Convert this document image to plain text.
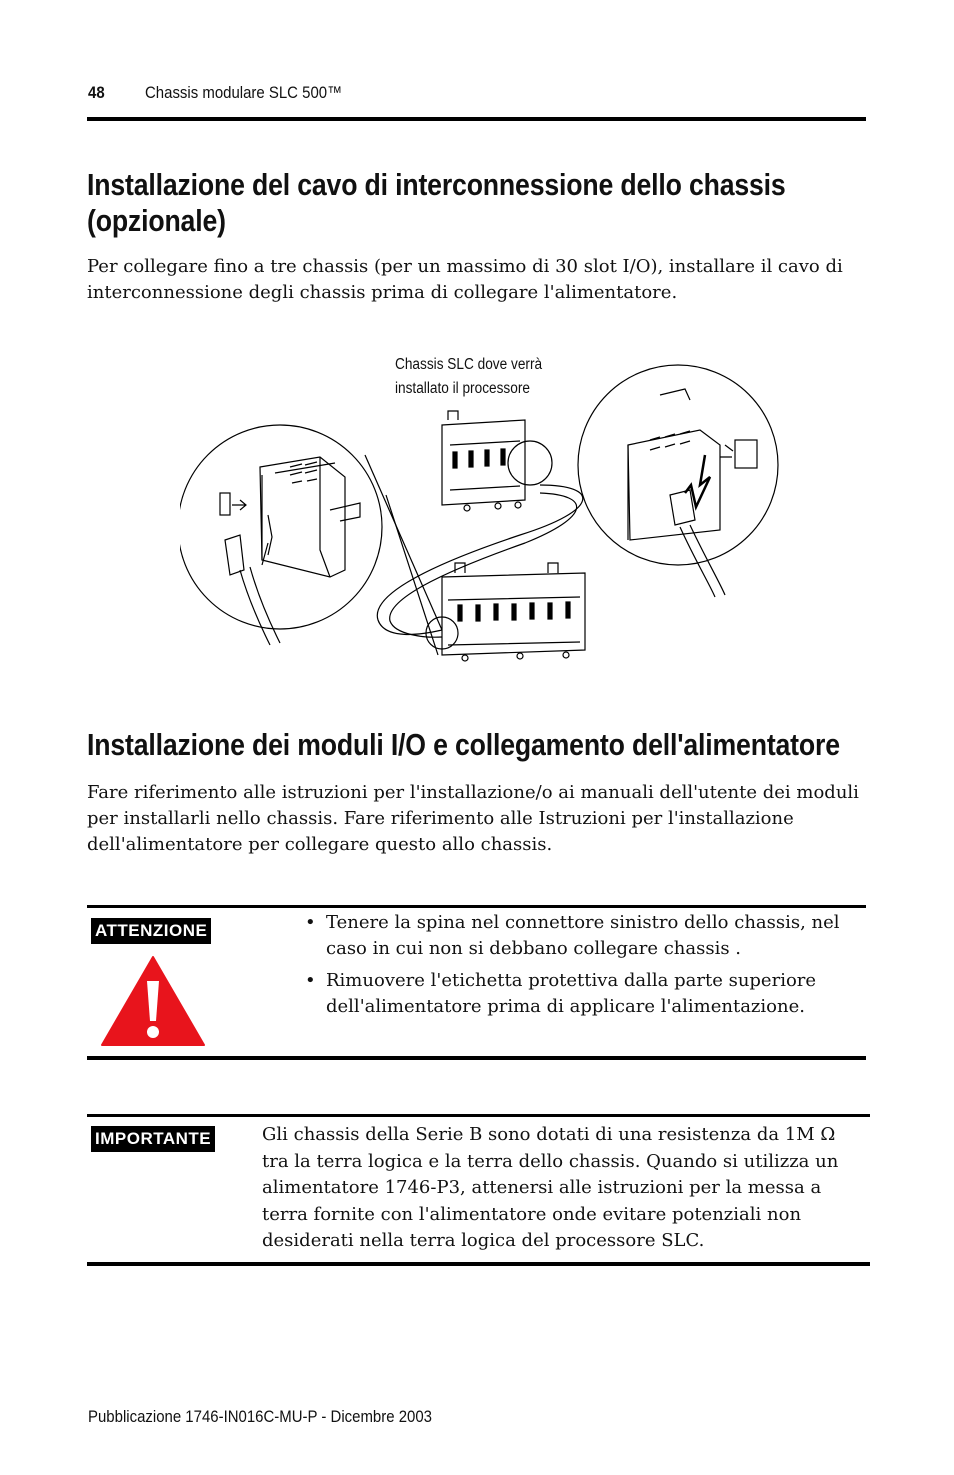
48 Chassis modulare SLC 500™
Installazione del cavo di interconnessione dello chassis (opzionale)
Per collegare fino a tre chassis (per un massimo di 30 slot I/O), installare il cavo di interconnessione degli chassis prima di collegare l'alimentatore.
Chassis SLC dove verrà
installato il processore
Installazione dei moduli I/O e collegamento dell'alimentatore
Fare riferimento alle istruzioni per l'installazione/o ai manuali dell'utente dei moduli per installarli nello chassis. Fare riferimento alle Istruzioni per l'installazione dell'alimentatore per collegare questo allo chassis.
ATTENZIONE	• Tenere la spina nel connettore sinistro dello chassis, nel caso in cui non si debbano collegare chassis .
• Rimuovere l'etichetta protettiva dalla parte superiore dell'alimentatore prima di applicare l'alimentazione.
IMPORTANTE	Gli chassis della Serie B sono dotati di una resistenza da 1M Ω tra la terra logica e la terra dello chassis. Quando si utilizza un alimentatore 1746-P3, attenersi alle istruzioni per la messa a terra fornite con l'alimentatore onde evitare potenziali non desiderati nella terra logica del processore SLC.
Pubblicazione 1746-IN016C-MU-P - Dicembre 2003
